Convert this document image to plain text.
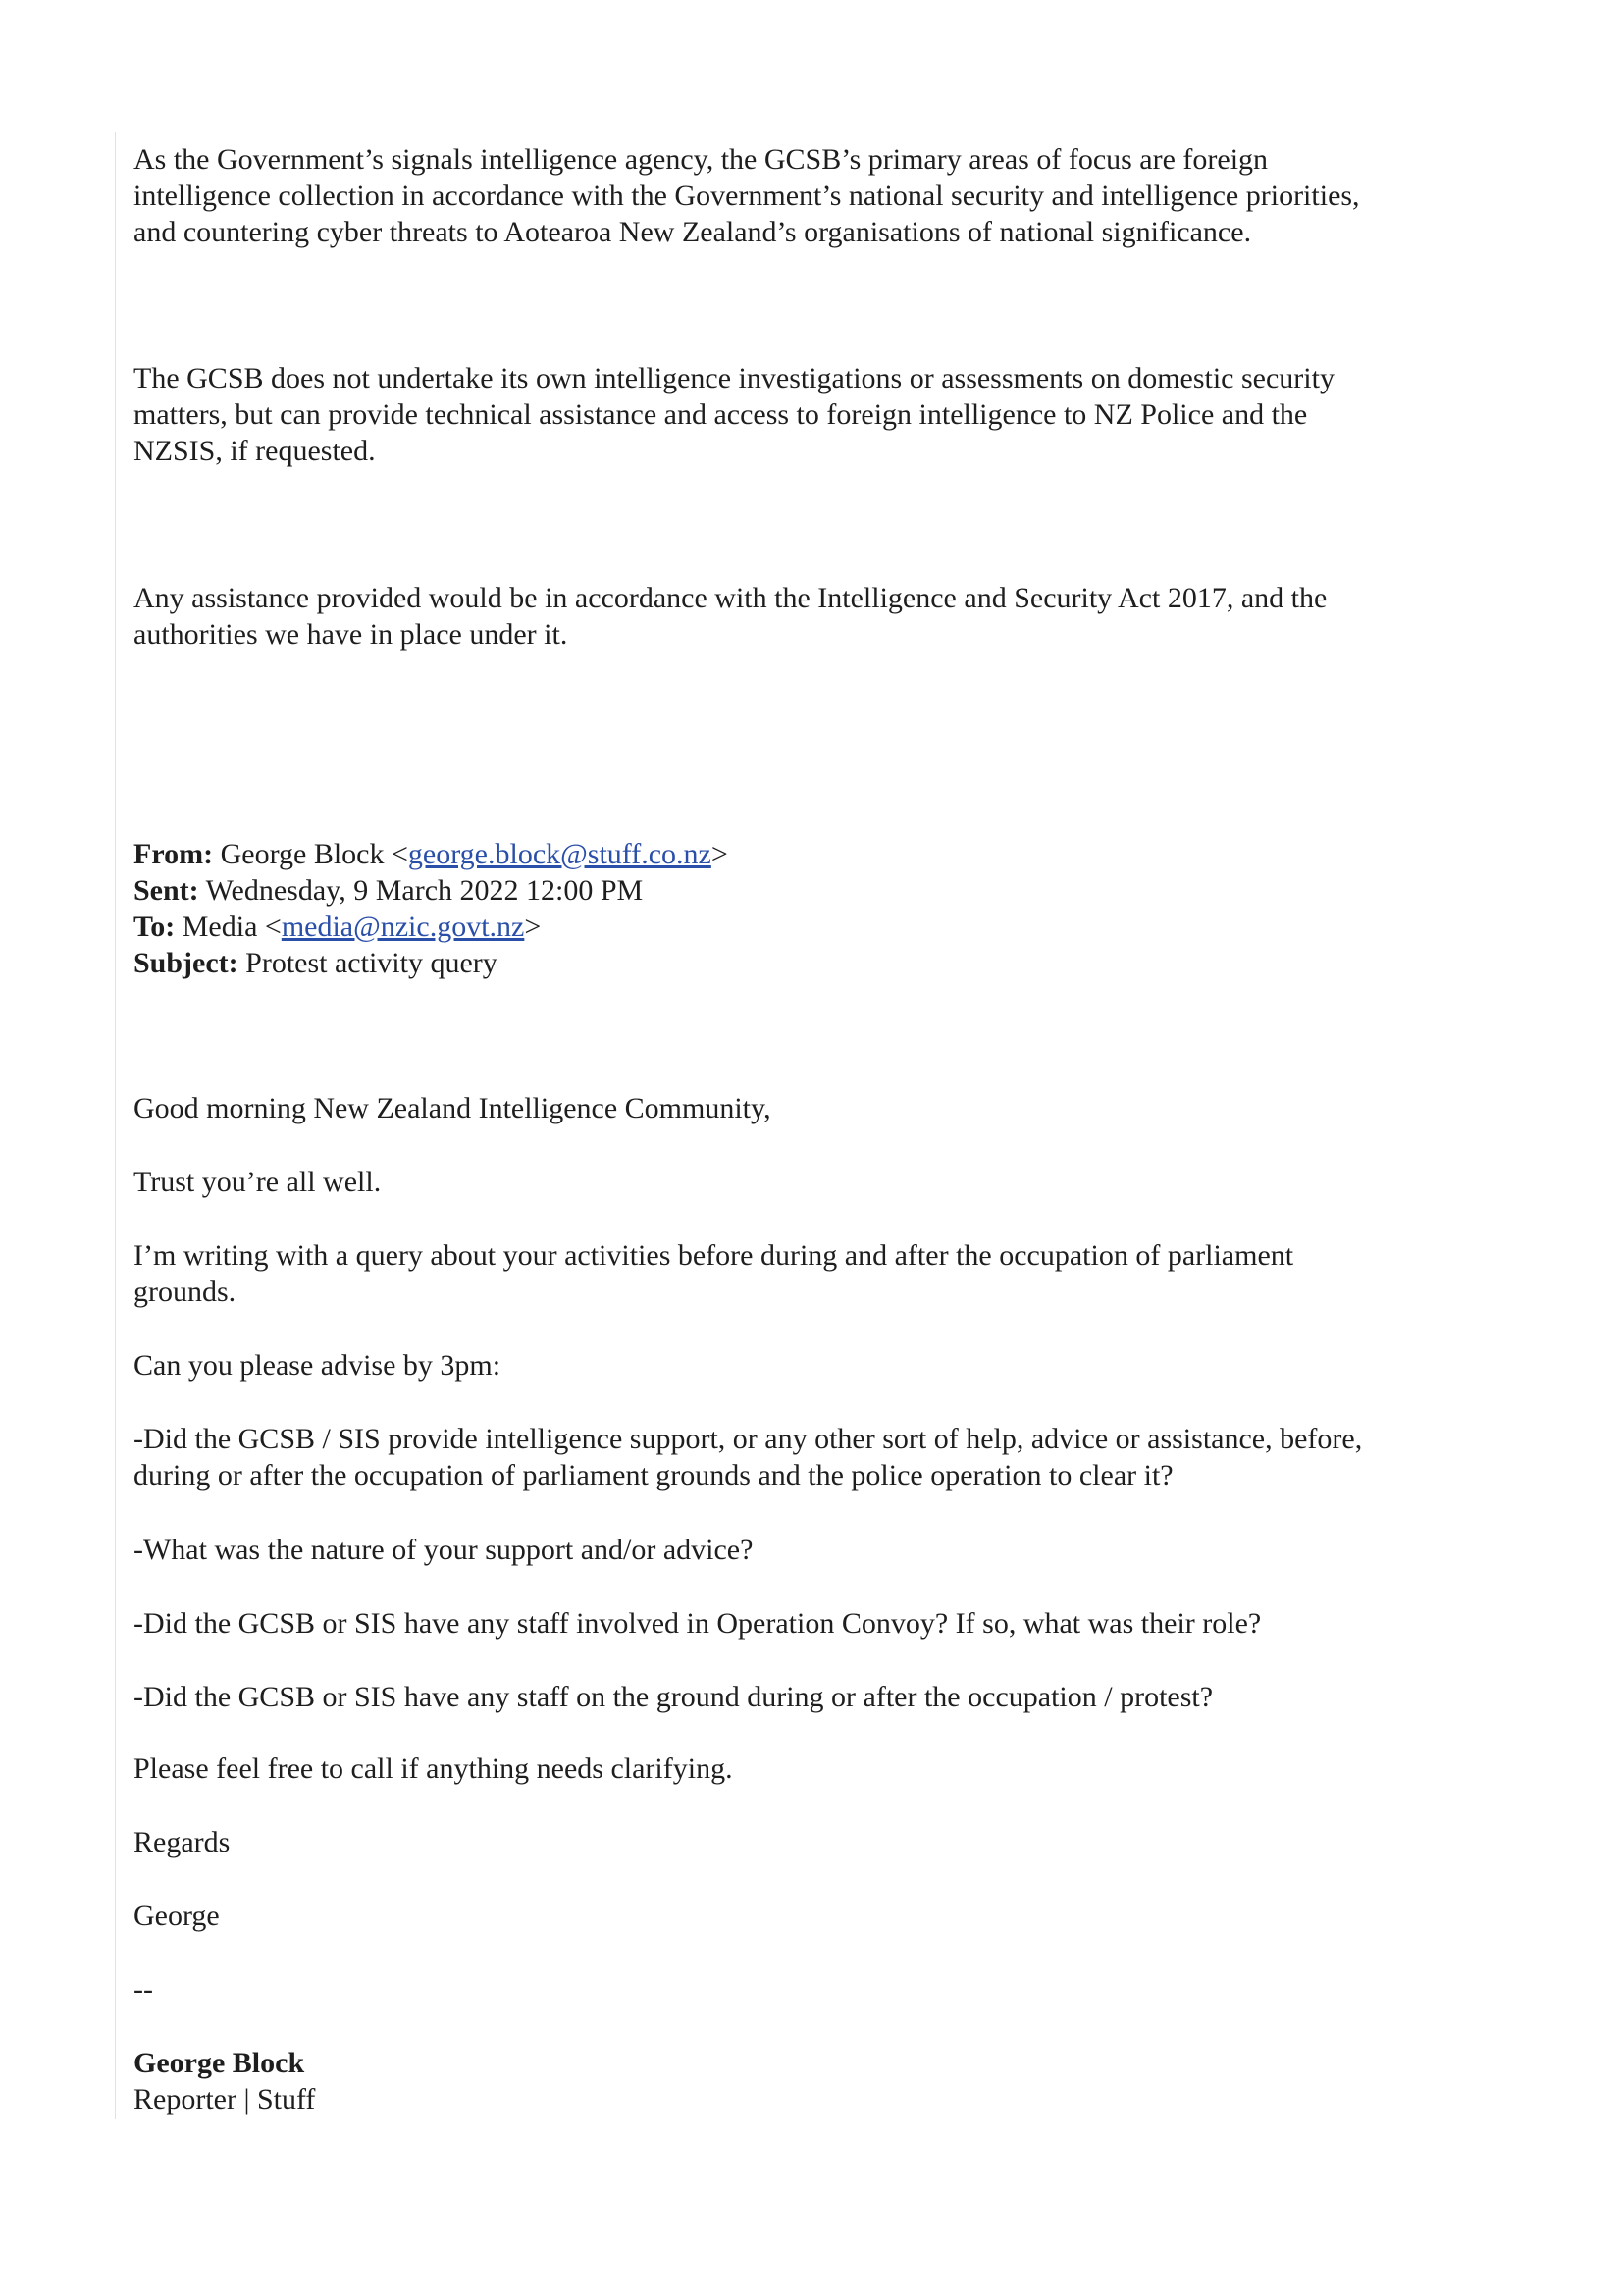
As the Government’s signals intelligence agency, the GCSB’s primary areas of focus are foreign
intelligence collection in accordance with the Government’s national security and intelligence priorities,
and countering cyber threats to Aotearoa New Zealand’s organisations of national significance.
The GCSB does not undertake its own intelligence investigations or assessments on domestic security
matters, but can provide technical assistance and access to foreign intelligence to NZ Police and the
NZSIS, if requested.
Any assistance provided would be in accordance with the Intelligence and Security Act 2017, and the
authorities we have in place under it.
From: George Block <george.block@stuff.co.nz>
Sent: Wednesday, 9 March 2022 12:00 PM
To: Media <media@nzic.govt.nz>
Subject: Protest activity query
Good morning New Zealand Intelligence Community,
Trust you’re all well.
I’m writing with a query about your activities before during and after the occupation of parliament
grounds.
Can you please advise by 3pm:
-Did the GCSB / SIS provide intelligence support, or any other sort of help, advice or assistance, before,
during or after the occupation of parliament grounds and the police operation to clear it?
-What was the nature of your support and/or advice?
-Did the GCSB or SIS have any staff involved in Operation Convoy? If so, what was their role?
-Did the GCSB or SIS have any staff on the ground during or after the occupation / protest?
Please feel free to call if anything needs clarifying.
Regards
George
--
George Block
Reporter | Stuff
